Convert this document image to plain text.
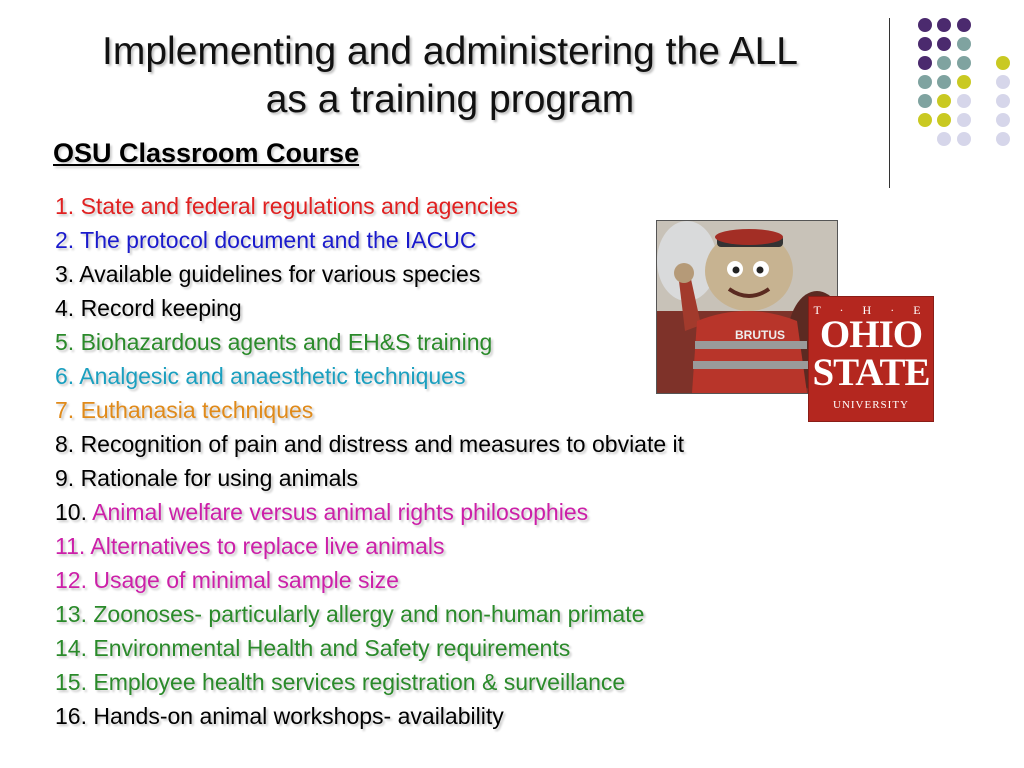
Implementing and administering the ALL
as a training program
OSU Classroom Course
1. State and federal regulations and agencies
2. The protocol document and the IACUC
3. Available guidelines for various species
4. Record keeping
5. Biohazardous agents and EH&S training
6. Analgesic and anaesthetic techniques
7. Euthanasia techniques
8. Recognition of pain and distress and measures to obviate it
9. Rationale for using animals
10. Animal welfare versus animal rights philosophies
11. Alternatives to replace live animals
12. Usage of minimal sample size
13. Zoonoses- particularly allergy and non-human primate
14. Environmental Health and Safety requirements
15. Employee health services registration & surveillance
16. Hands-on animal workshops- availability
BRUTUS
T · H · E
OHIO
STATE
UNIVERSITY
